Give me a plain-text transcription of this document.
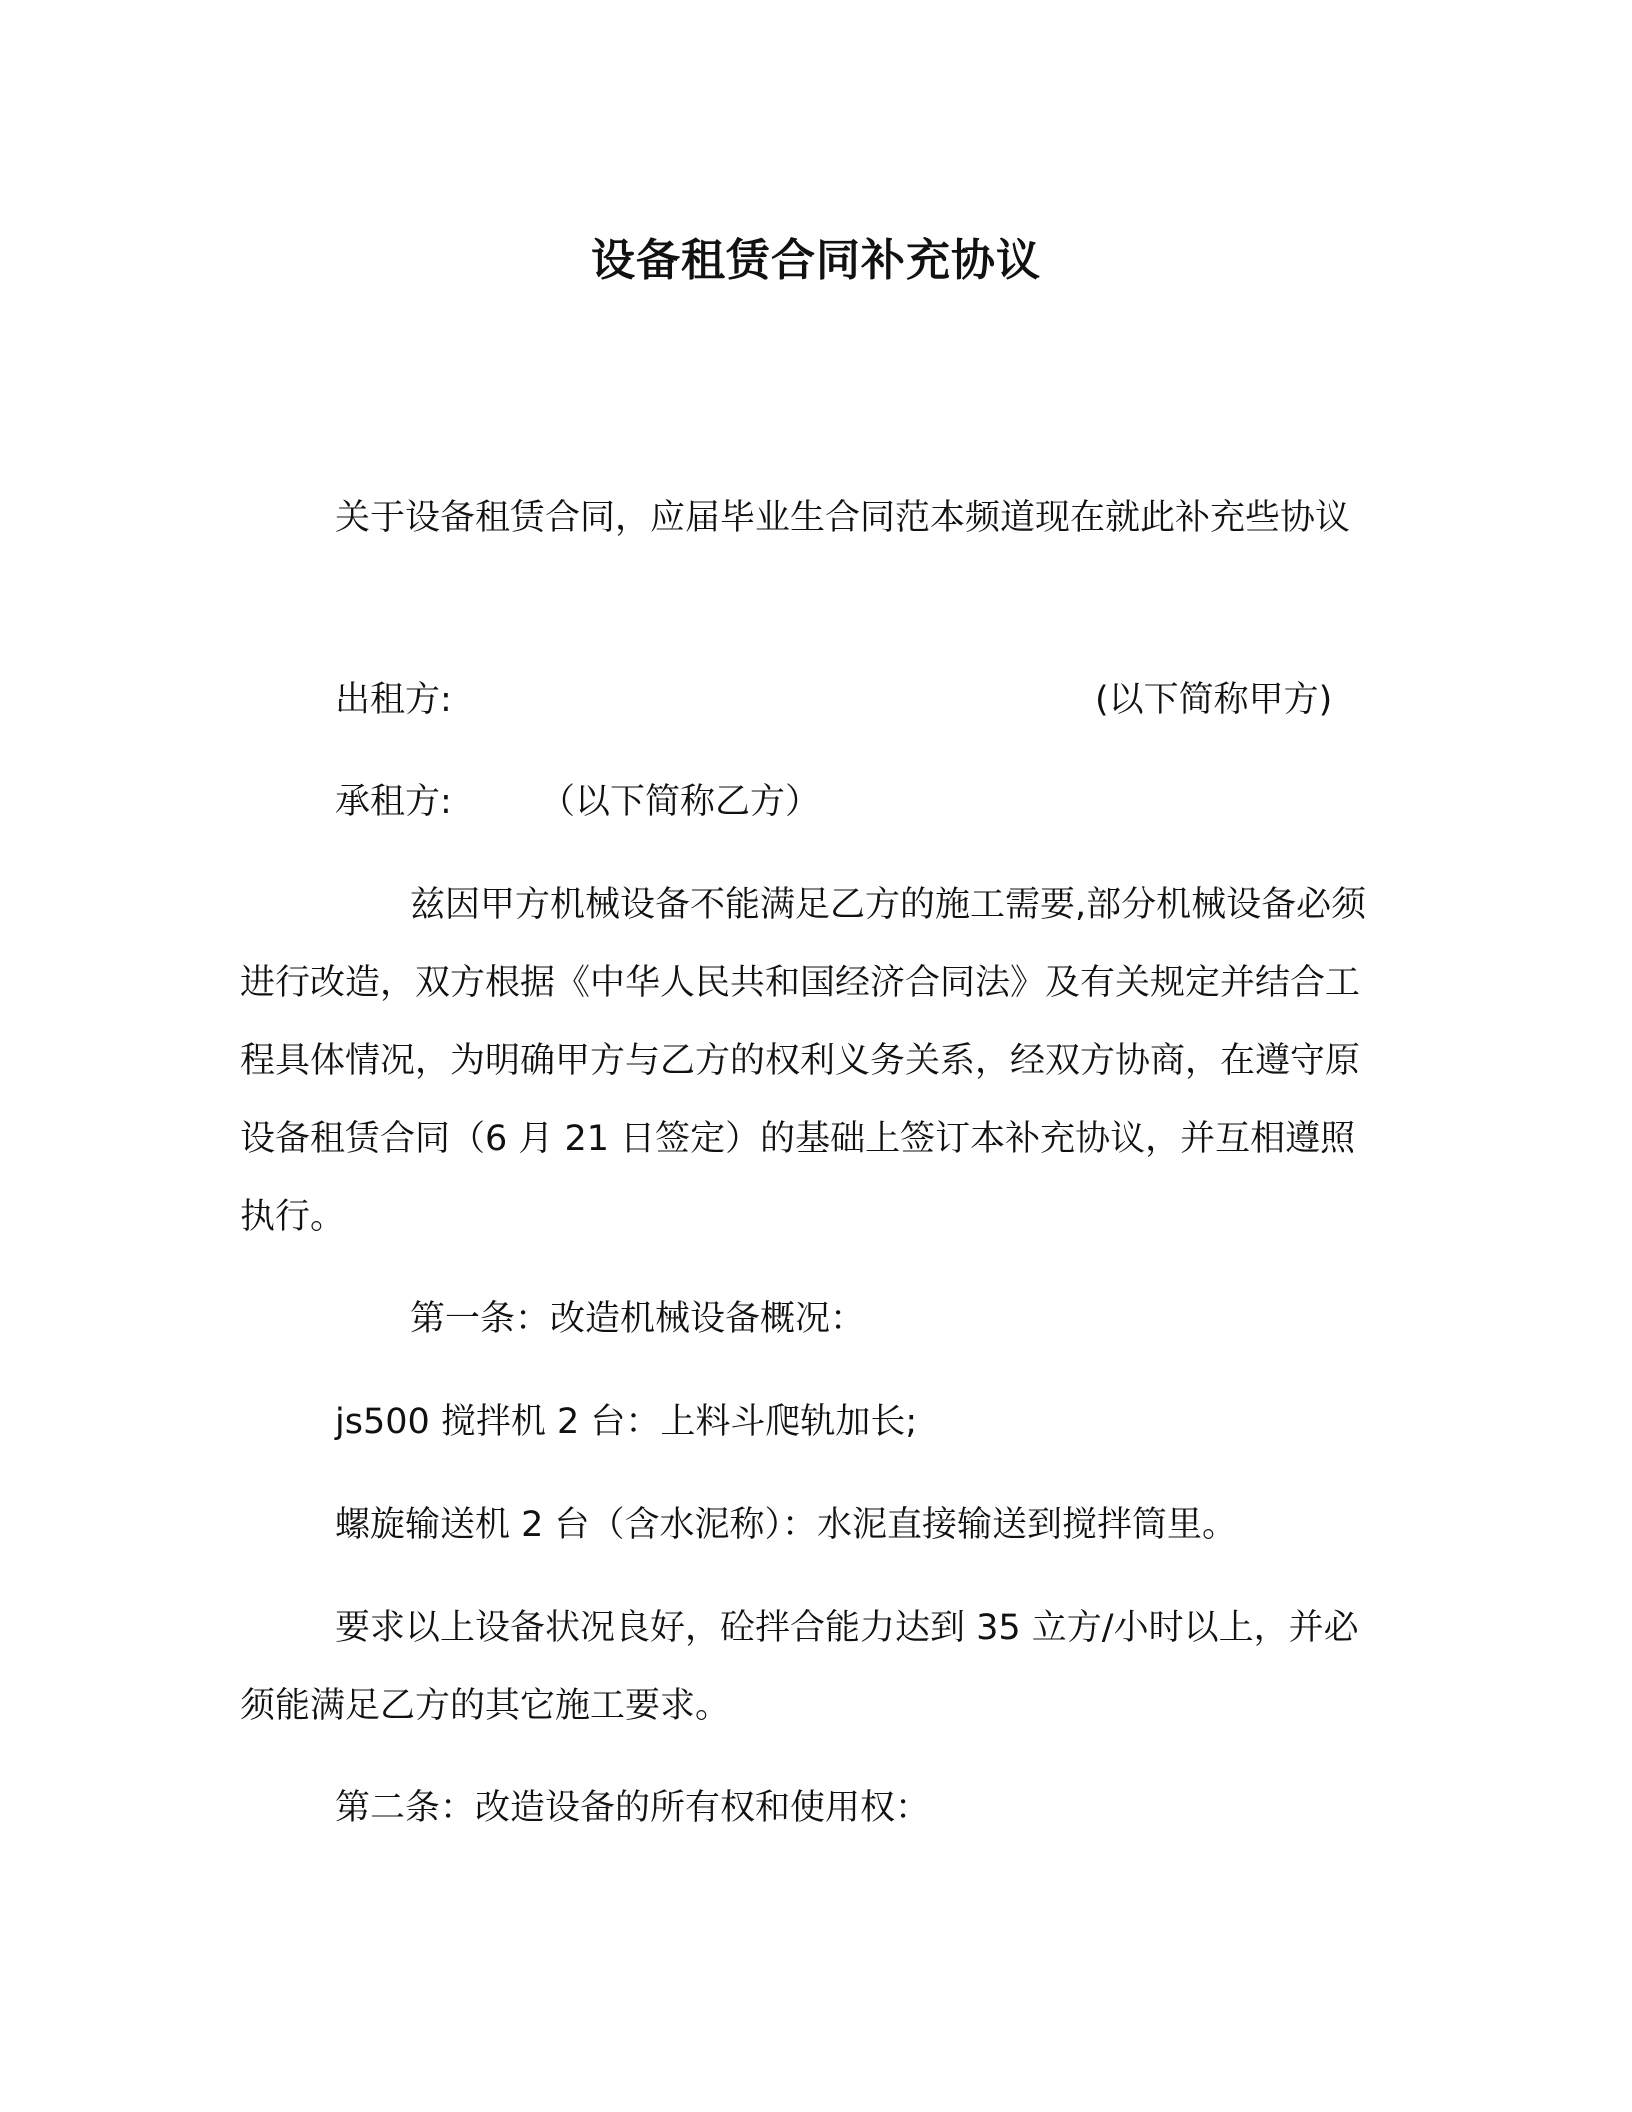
设备租赁合同补充协议
关于设备租赁合同，应届毕业生合同范本频道现在就此补充些协议
出租方:	(以下简称甲方)
承租方:	（以下简称乙方）
兹因甲方机械设备不能满足乙方的施工需要,部分机械设备必须进行改造，双方根据《中华人民共和国经济合同法》及有关规定并结合工程具体情况，为明确甲方与乙方的权利义务关系，经双方协商，在遵守原设备租赁合同（6 月 21 日签定）的基础上签订本补充协议，并互相遵照执行。
第一条：改造机械设备概况：
js500 搅拌机 2 台：上料斗爬轨加长;
螺旋输送机 2 台（含水泥称）：水泥直接输送到搅拌筒里。
要求以上设备状况良好，砼拌合能力达到 35 立方/小时以上，并必须能满足乙方的其它施工要求。
第二条：改造设备的所有权和使用权：
